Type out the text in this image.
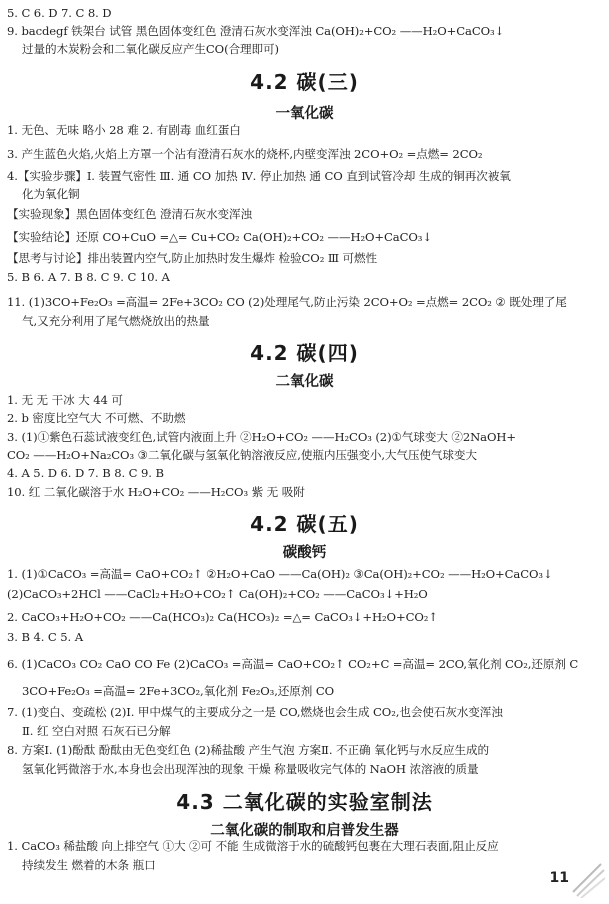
5. C 6. D 7. C 8. D
9. bacdegf 铁架台 试管 黑色固体变红色 澄清石灰水变浑浊 Ca(OH)₂+CO₂ ——H₂O+CaCO₃↓
过量的木炭粉会和二氧化碳反应产生CO(合理即可)
4.2 碳(三)
一氧化碳
1. 无色、无味 略小 28 难 2. 有剧毒 血红蛋白
3. 产生蓝色火焰,火焰上方罩一个沾有澄清石灰水的烧杯,内壁变浑浊 2CO+O₂ =点燃= 2CO₂
4.【实验步骤】Ⅰ. 装置气密性 Ⅲ. 通 CO 加热 Ⅳ. 停止加热 通 CO 直到试管冷却 生成的铜再次被氧
化为氧化铜
【实验现象】黑色固体变红色 澄清石灰水变浑浊
【实验结论】还原 CO+CuO =△= Cu+CO₂ Ca(OH)₂+CO₂ ——H₂O+CaCO₃↓
【思考与讨论】排出装置内空气,防止加热时发生爆炸 检验CO₂ Ⅲ 可燃性
5. B 6. A 7. B 8. C 9. C 10. A
11. (1)3CO+Fe₂O₃ =高温= 2Fe+3CO₂ CO (2)处理尾气,防止污染 2CO+O₂ =点燃= 2CO₂ ② 既处理了尾
气,又充分利用了尾气燃烧放出的热量
4.2 碳(四)
二氧化碳
1. 无 无 干冰 大 44 可
2. b 密度比空气大 不可燃、不助燃
3. (1)①紫色石蕊试液变红色,试管内液面上升 ②H₂O+CO₂ ——H₂CO₃ (2)①气球变大 ②2NaOH+
CO₂ ——H₂O+Na₂CO₃ ③二氧化碳与氢氧化钠溶液反应,使瓶内压强变小,大气压使气球变大
4. A 5. D 6. D 7. B 8. C 9. B
10. 红 二氧化碳溶于水 H₂O+CO₂ ——H₂CO₃ 紫 无 吸附
4.2 碳(五)
碳酸钙
1. (1)①CaCO₃ =高温= CaO+CO₂↑ ②H₂O+CaO ——Ca(OH)₂ ③Ca(OH)₂+CO₂ ——H₂O+CaCO₃↓
(2)CaCO₃+2HCl ——CaCl₂+H₂O+CO₂↑ Ca(OH)₂+CO₂ ——CaCO₃↓+H₂O
2. CaCO₃+H₂O+CO₂ ——Ca(HCO₃)₂ Ca(HCO₃)₂ =△= CaCO₃↓+H₂O+CO₂↑
3. B 4. C 5. A
6. (1)CaCO₃ CO₂ CaO CO Fe (2)CaCO₃ =高温= CaO+CO₂↑ CO₂+C =高温= 2CO,氧化剂 CO₂,还原剂 C
3CO+Fe₂O₃ =高温= 2Fe+3CO₂,氧化剂 Fe₂O₃,还原剂 CO
7. (1)变白、变疏松 (2)Ⅰ. 甲中煤气的主要成分之一是 CO,燃烧也会生成 CO₂,也会使石灰水变浑浊
Ⅱ. 红 空白对照 石灰石已分解
8. 方案Ⅰ. (1)酚酞 酚酞由无色变红色 (2)稀盐酸 产生气泡 方案Ⅱ. 不正确 氧化钙与水反应生成的
氢氧化钙微溶于水,本身也会出现浑浊的现象 干燥 称量吸收完气体的 NaOH 浓溶液的质量
4.3 二氧化碳的实验室制法
二氧化碳的制取和启普发生器
1. CaCO₃ 稀盐酸 向上排空气 ①大 ②可 不能 生成微溶于水的硫酸钙包裹在大理石表面,阻止反应
持续发生 燃着的木条 瓶口
11
